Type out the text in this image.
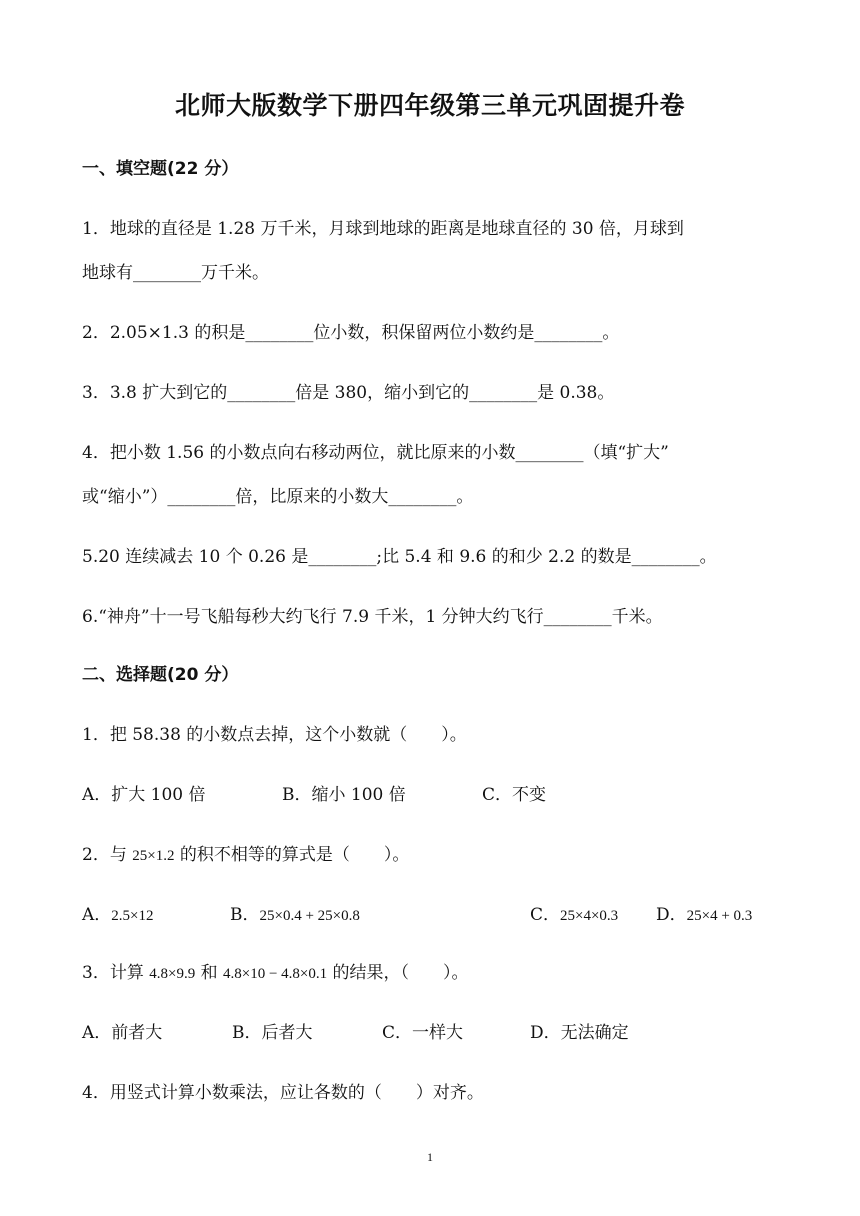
北师大版数学下册四年级第三单元巩固提升卷
一、填空题(22 分）
1．地球的直径是 1.28 万千米，月球到地球的距离是地球直径的 30 倍，月球到
地球有________万千米。
2．2.05×1.3 的积是________位小数，积保留两位小数约是________。
3．3.8 扩大到它的________倍是 380，缩小到它的________是 0.38。
4．把小数 1.56 的小数点向右移动两位，就比原来的小数________（填“扩大”
或“缩小”）________倍，比原来的小数大________。
5.20 连续减去 10 个 0.26 是________;比 5.4 和 9.6 的和少 2.2 的数是________。
6.“神舟”十一号飞船每秒大约飞行 7.9 千米，1 分钟大约飞行________千米。
二、选择题(20 分）
1．把 58.38 的小数点去掉，这个小数就（　　）。
A．扩大 100 倍	B．缩小 100 倍	C．不变
2．与 25×1.2 的积不相等的算式是（　　）。
A．2.5×12	B．25×0.4 + 25×0.8	C．25×4×0.3 D．25×4 + 0.3
3．计算 4.8×9.9 和 4.8×10 − 4.8×0.1 的结果，（　　）。
A．前者大	B．后者大	C．一样大	D．无法确定
4．用竖式计算小数乘法，应让各数的（　　）对齐。
1
